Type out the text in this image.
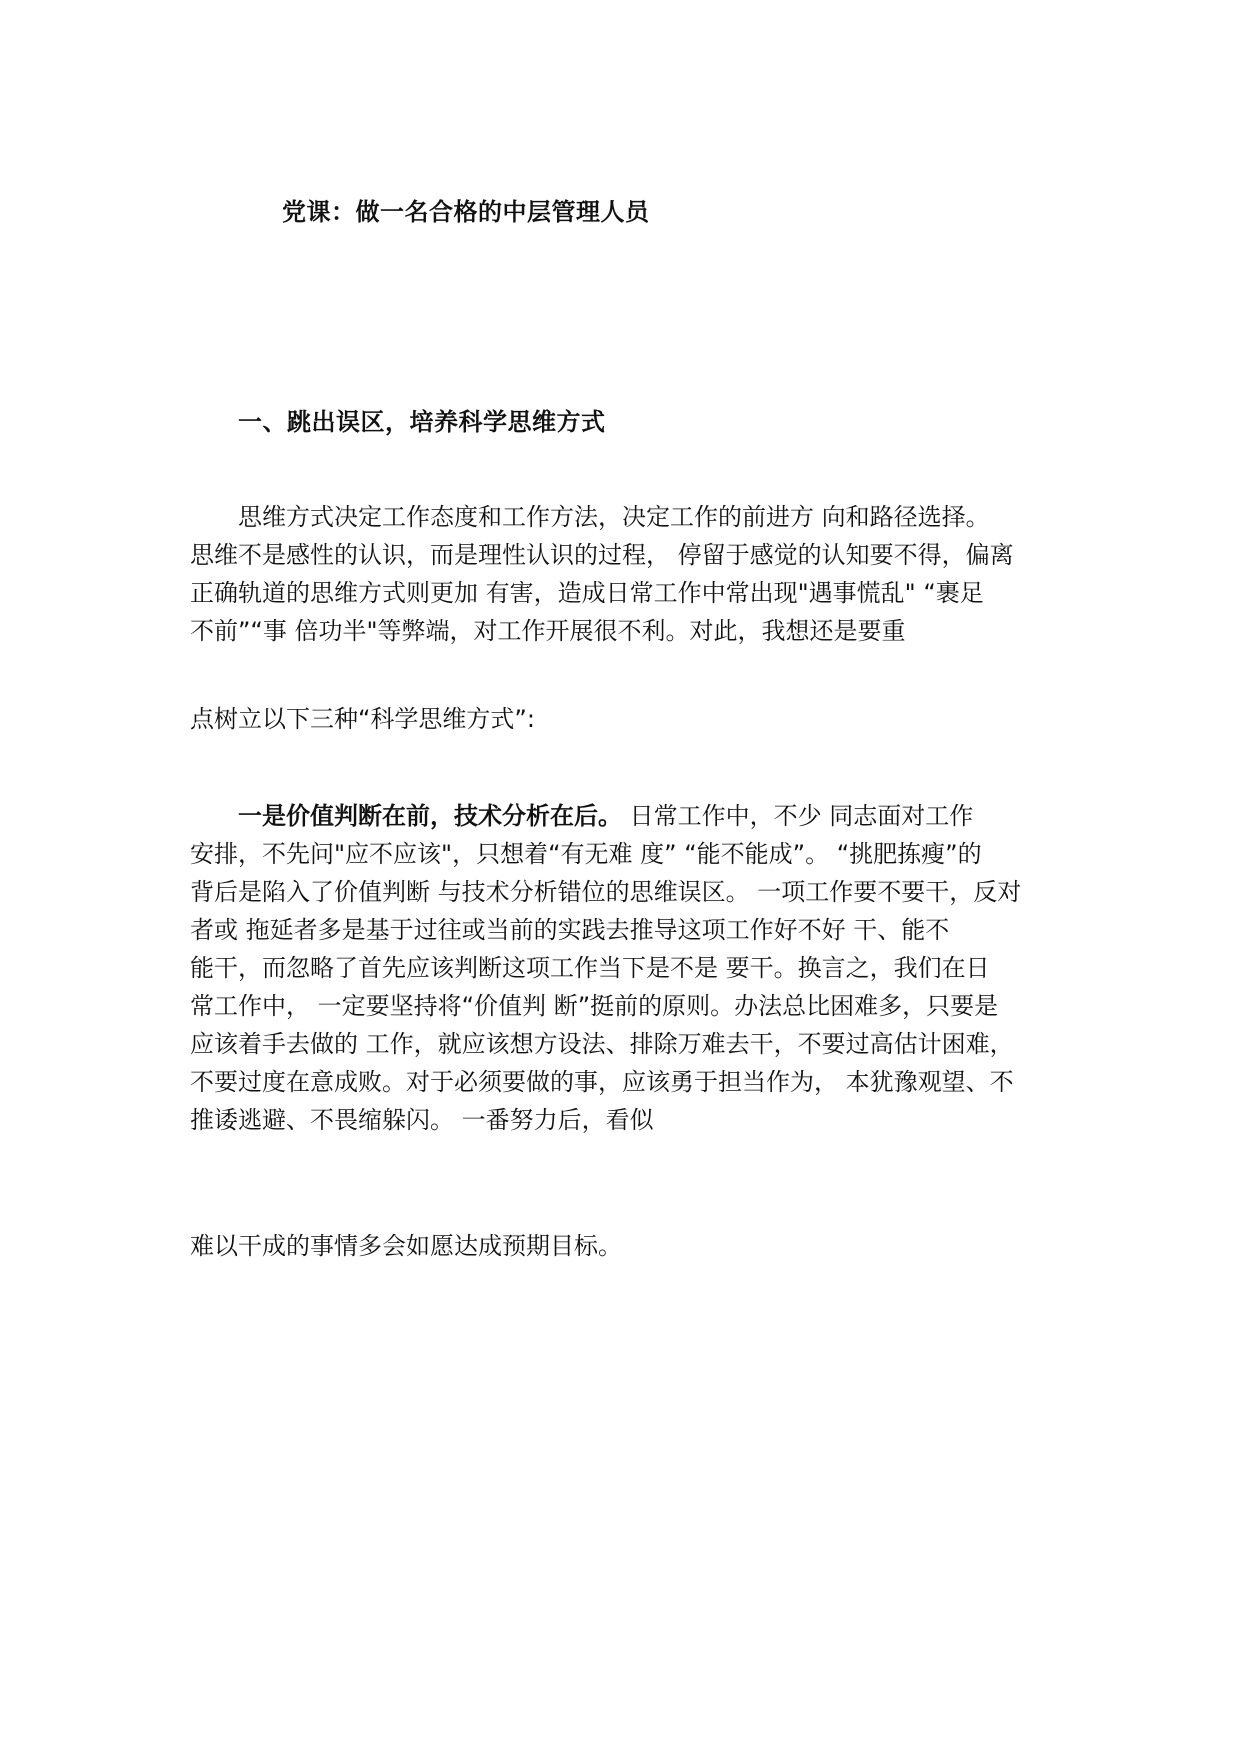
党课：做一名合格的中层管理人员
一、跳出误区，培养科学思维方式
思维方式决定工作态度和工作方法，决定工作的前进方 向和路径选择。
思维不是感性的认识，而是理性认识的过程， 停留于感觉的认知要不得，偏离
正确轨道的思维方式则更加 有害，造成日常工作中常出现"遇事慌乱" “裹足
不前”“事 倍功半"等弊端，对工作开展很不利。对此，我想还是要重
点树立以下三种“科学思维方式”:
一是价值判断在前，技术分析在后。 日常工作中，不少 同志面对工作
安排，不先问"应不应该"，只想着“有无难 度” “能不能成”。 “挑肥拣瘦”的
背后是陷入了价值判断 与技术分析错位的思维误区。 一项工作要不要干，反对
者或 拖延者多是基于过往或当前的实践去推导这项工作好不好 干、能不
能干，而忽略了首先应该判断这项工作当下是不是 要干。换言之，我们在日
常工作中， 一定要坚持将“价值判 断”挺前的原则。办法总比困难多，只要是
应该着手去做的 工作，就应该想方设法、排除万难去干，不要过高估计困难，
不要过度在意成败。对于必须要做的事，应该勇于担当作为， 本犹豫观望、不
推诿逃避、不畏缩躲闪。 一番努力后，看似
难以干成的事情多会如愿达成预期目标。
